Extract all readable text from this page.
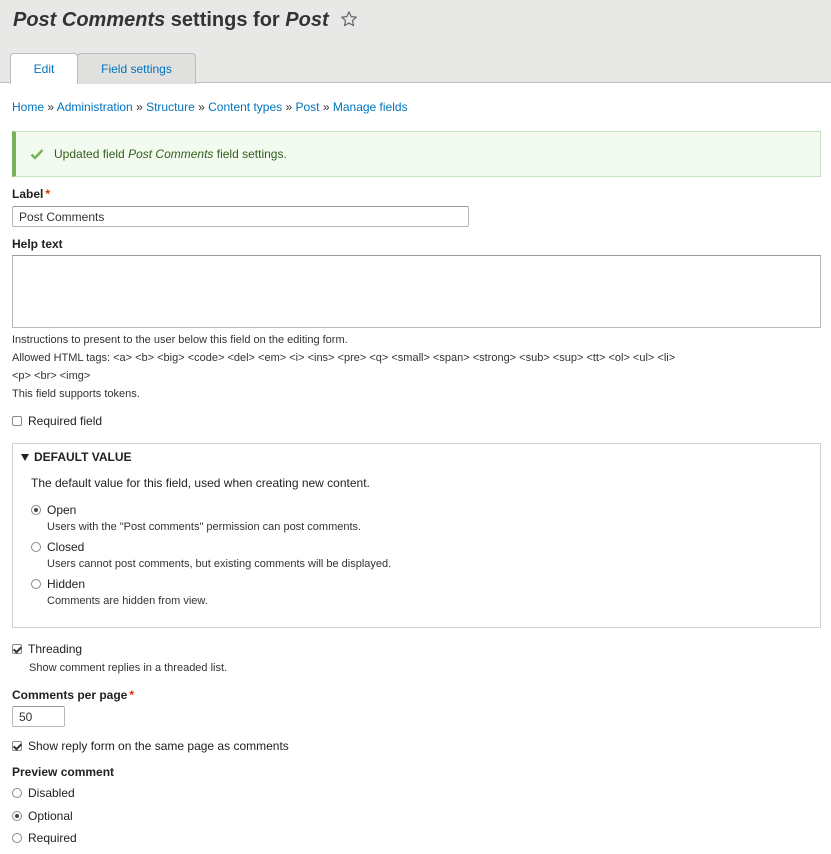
Post Comments settings for Post
Edit	Field settings
Home » Administration » Structure » Content types » Post » Manage fields
Updated field Post Comments field settings.
Label *
Post Comments
Help text
Instructions to present to the user below this field on the editing form.
Allowed HTML tags: <a> <b> <big> <code> <del> <em> <i> <ins> <pre> <q> <small> <span> <strong> <sub> <sup> <tt> <ol> <ul> <li>
<p> <br> <img>
This field supports tokens.
Required field
DEFAULT VALUE
The default value for this field, used when creating new content.
Open
Users with the "Post comments" permission can post comments.
Closed
Users cannot post comments, but existing comments will be displayed.
Hidden
Comments are hidden from view.
Threading
Show comment replies in a threaded list.
Comments per page *
50
Show reply form on the same page as comments
Preview comment
Disabled
Optional
Required
